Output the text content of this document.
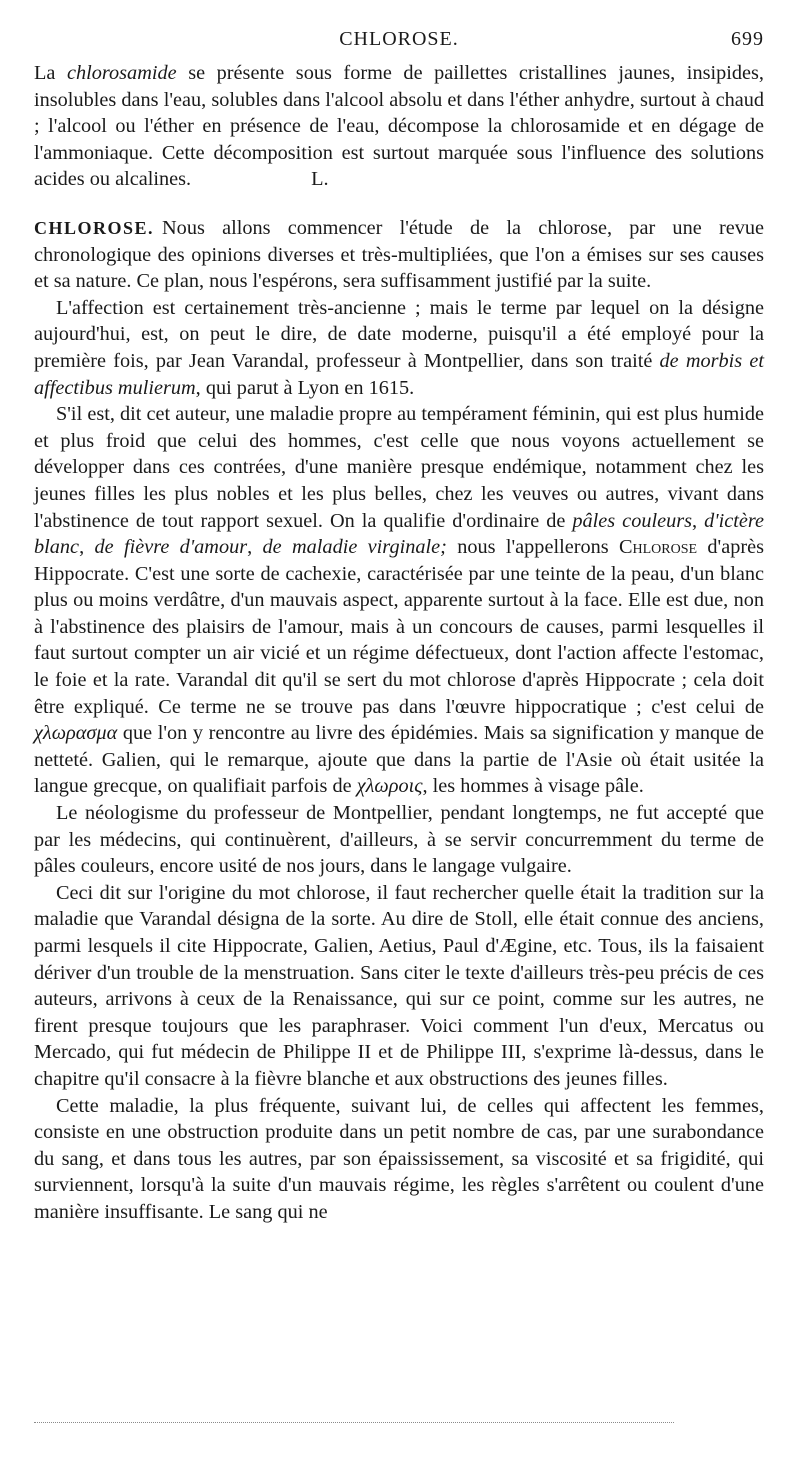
CHLOROSE.	699

La chlorosamide se présente sous forme de paillettes cristallines jaunes, insipides, insolubles dans l'eau, solubles dans l'alcool absolu et dans l'éther anhydre, surtout à chaud ; l'alcool ou l'éther en présence de l'eau, décompose la chlorosamide et en dégage de l'ammoniaque. Cette décomposition est surtout marquée sous l'influence des solutions acides ou alcalines.	L.

CHLOROSE. Nous allons commencer l'étude de la chlorose, par une revue chronologique des opinions diverses et très-multipliées, que l'on a émises sur ses causes et sa nature. Ce plan, nous l'espérons, sera suffisamment justifié par la suite.

L'affection est certainement très-ancienne ; mais le terme par lequel on la désigne aujourd'hui, est, on peut le dire, de date moderne, puisqu'il a été employé pour la première fois, par Jean Varandal, professeur à Montpellier, dans son traité de morbis et affectibus mulierum, qui parut à Lyon en 1615.

S'il est, dit cet auteur, une maladie propre au tempérament féminin, qui est plus humide et plus froid que celui des hommes, c'est celle que nous voyons actuellement se développer dans ces contrées, d'une manière presque endémique, notamment chez les jeunes filles les plus nobles et les plus belles, chez les veuves ou autres, vivant dans l'abstinence de tout rapport sexuel. On la qualifie d'ordinaire de pâles couleurs, d'ictère blanc, de fièvre d'amour, de maladie virginale; nous l'appellerons Chlorose d'après Hippocrate. C'est une sorte de cachexie, caractérisée par une teinte de la peau, d'un blanc plus ou moins verdâtre, d'un mauvais aspect, apparente surtout à la face. Elle est due, non à l'abstinence des plaisirs de l'amour, mais à un concours de causes, parmi lesquelles il faut surtout compter un air vicié et un régime défectueux, dont l'action affecte l'estomac, le foie et la rate. Varandal dit qu'il se sert du mot chlorose d'après Hippocrate ; cela doit être expliqué. Ce terme ne se trouve pas dans l'œuvre hippocratique ; c'est celui de χλωρασμα que l'on y rencontre au livre des épidémies. Mais sa signification y manque de netteté. Galien, qui le remarque, ajoute que dans la partie de l'Asie où était usitée la langue grecque, on qualifiait parfois de χλωροις, les hommes à visage pâle.

Le néologisme du professeur de Montpellier, pendant longtemps, ne fut accepté que par les médecins, qui continuèrent, d'ailleurs, à se servir concurremment du terme de pâles couleurs, encore usité de nos jours, dans le langage vulgaire.

Ceci dit sur l'origine du mot chlorose, il faut rechercher quelle était la tradition sur la maladie que Varandal désigna de la sorte. Au dire de Stoll, elle était connue des anciens, parmi lesquels il cite Hippocrate, Galien, Aetius, Paul d'Ægine, etc. Tous, ils la faisaient dériver d'un trouble de la menstruation. Sans citer le texte d'ailleurs très-peu précis de ces auteurs, arrivons à ceux de la Renaissance, qui sur ce point, comme sur les autres, ne firent presque toujours que les paraphraser. Voici comment l'un d'eux, Mercatus ou Mercado, qui fut médecin de Philippe II et de Philippe III, s'exprime là-dessus, dans le chapitre qu'il consacre à la fièvre blanche et aux obstructions des jeunes filles.

Cette maladie, la plus fréquente, suivant lui, de celles qui affectent les femmes, consiste en une obstruction produite dans un petit nombre de cas, par une surabondance du sang, et dans tous les autres, par son épaississement, sa viscosité et sa frigidité, qui surviennent, lorsqu'à la suite d'un mauvais régime, les règles s'arrêtent ou coulent d'une manière insuffisante. Le sang qui ne
